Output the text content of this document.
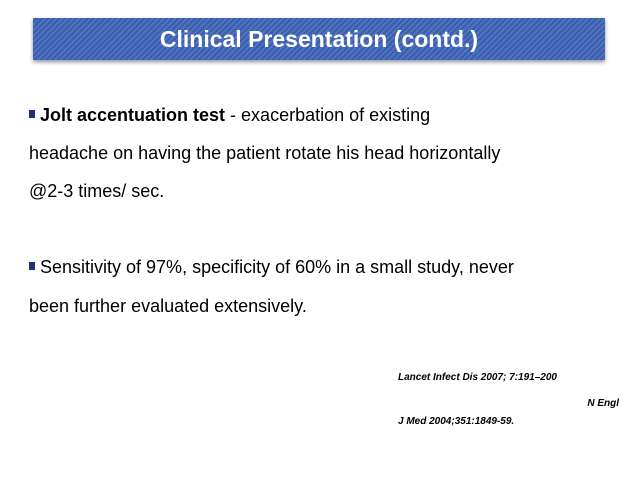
Clinical Presentation (contd.)
Jolt accentuation test - exacerbation of existing
headache on having the patient rotate his head horizontally
@2-3 times/ sec.
Sensitivity of 97%, specificity of 60% in a small study, never
been further evaluated extensively.
Lancet Infect Dis 2007; 7:191–200
N Engl
J Med 2004;351:1849-59.
